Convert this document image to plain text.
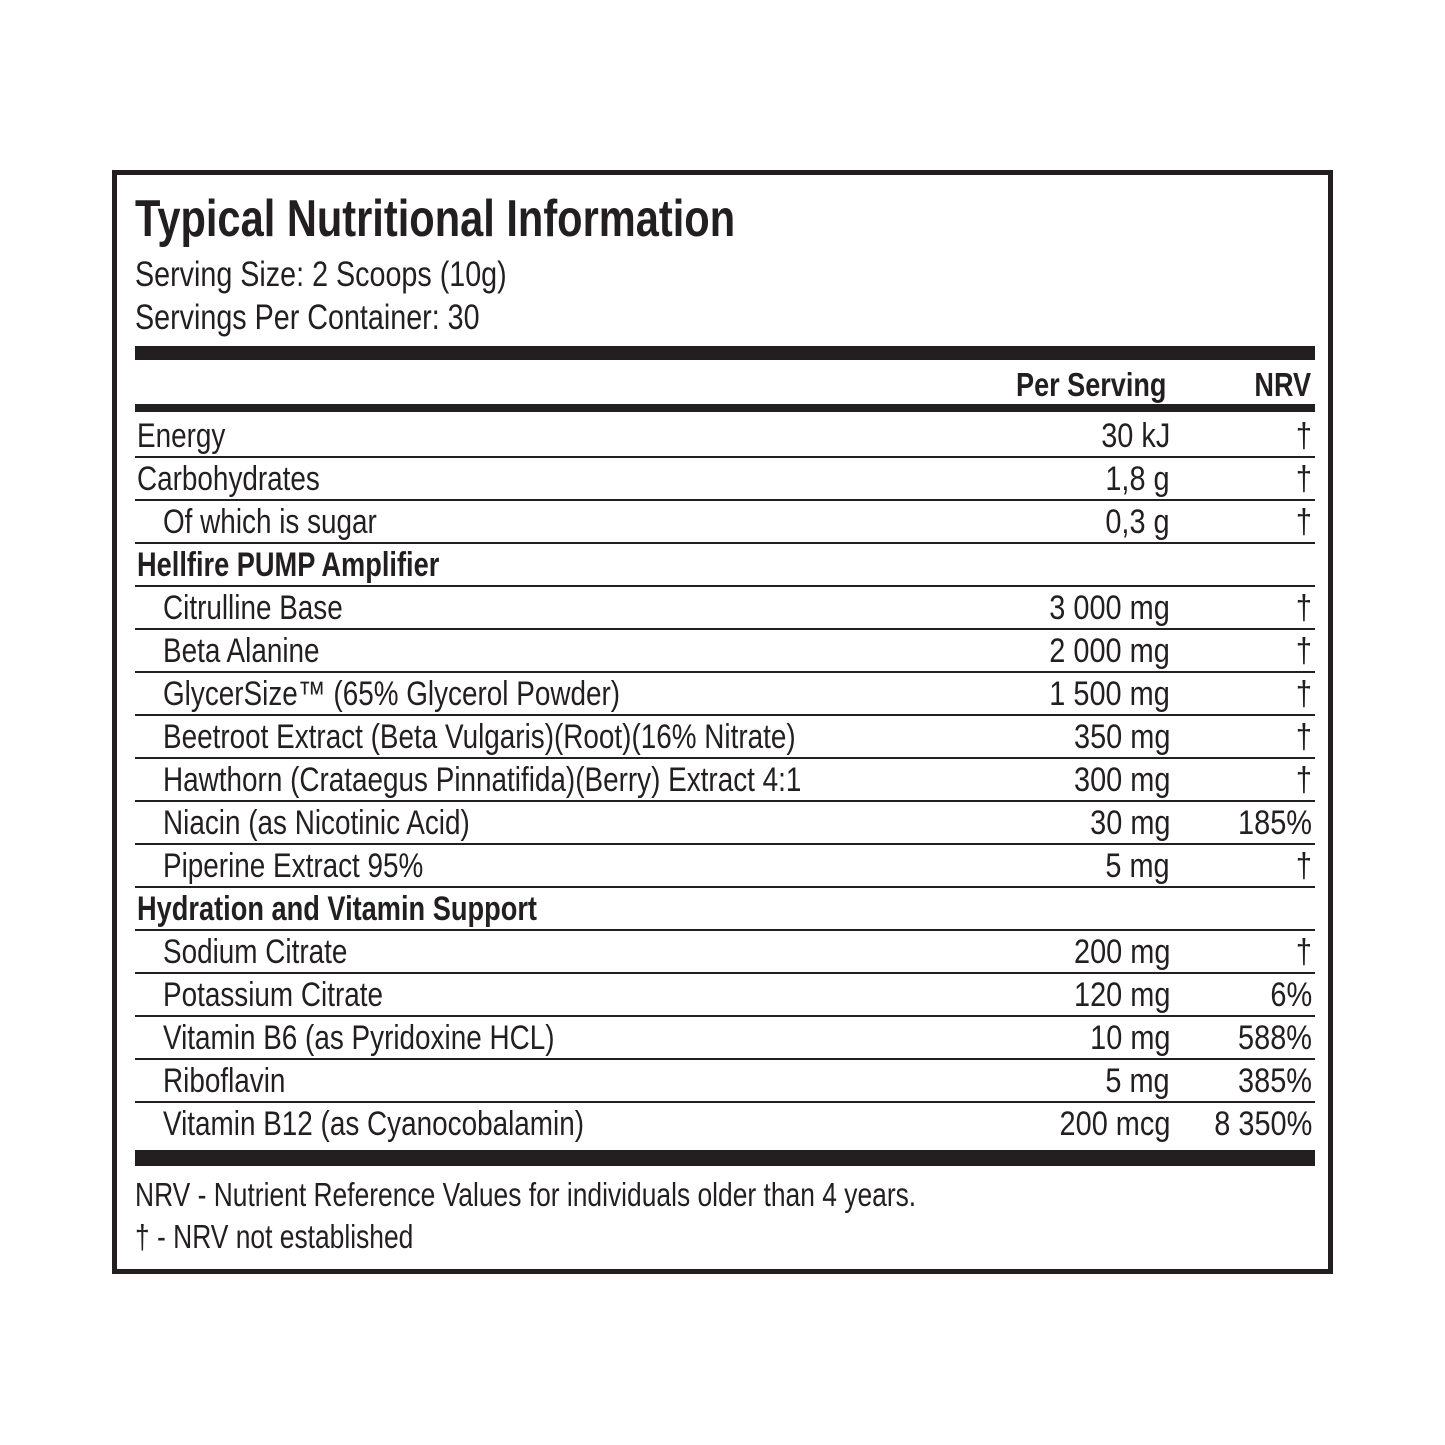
Typical Nutritional Information
Serving Size: 2 Scoops (10g)
Servings Per Container: 30
Per Serving	NRV
Energy	30 kJ	†
Carbohydrates	1,8 g	†
Of which is sugar	0,3 g	†
Hellfire PUMP Amplifier
Citrulline Base	3 000 mg	†
Beta Alanine	2 000 mg	†
GlycerSize™ (65% Glycerol Powder)	1 500 mg	†
Beetroot Extract (Beta Vulgaris)(Root)(16% Nitrate)	350 mg	†
Hawthorn (Crataegus Pinnatifida)(Berry) Extract 4:1	300 mg	†
Niacin (as Nicotinic Acid)	30 mg	185%
Piperine Extract 95%	5 mg	†
Hydration and Vitamin Support
Sodium Citrate	200 mg	†
Potassium Citrate	120 mg	6%
Vitamin B6 (as Pyridoxine HCL)	10 mg	588%
Riboflavin	5 mg	385%
Vitamin B12 (as Cyanocobalamin)	200 mcg	8 350%
NRV - Nutrient Reference Values for individuals older than 4 years.
† - NRV not established
